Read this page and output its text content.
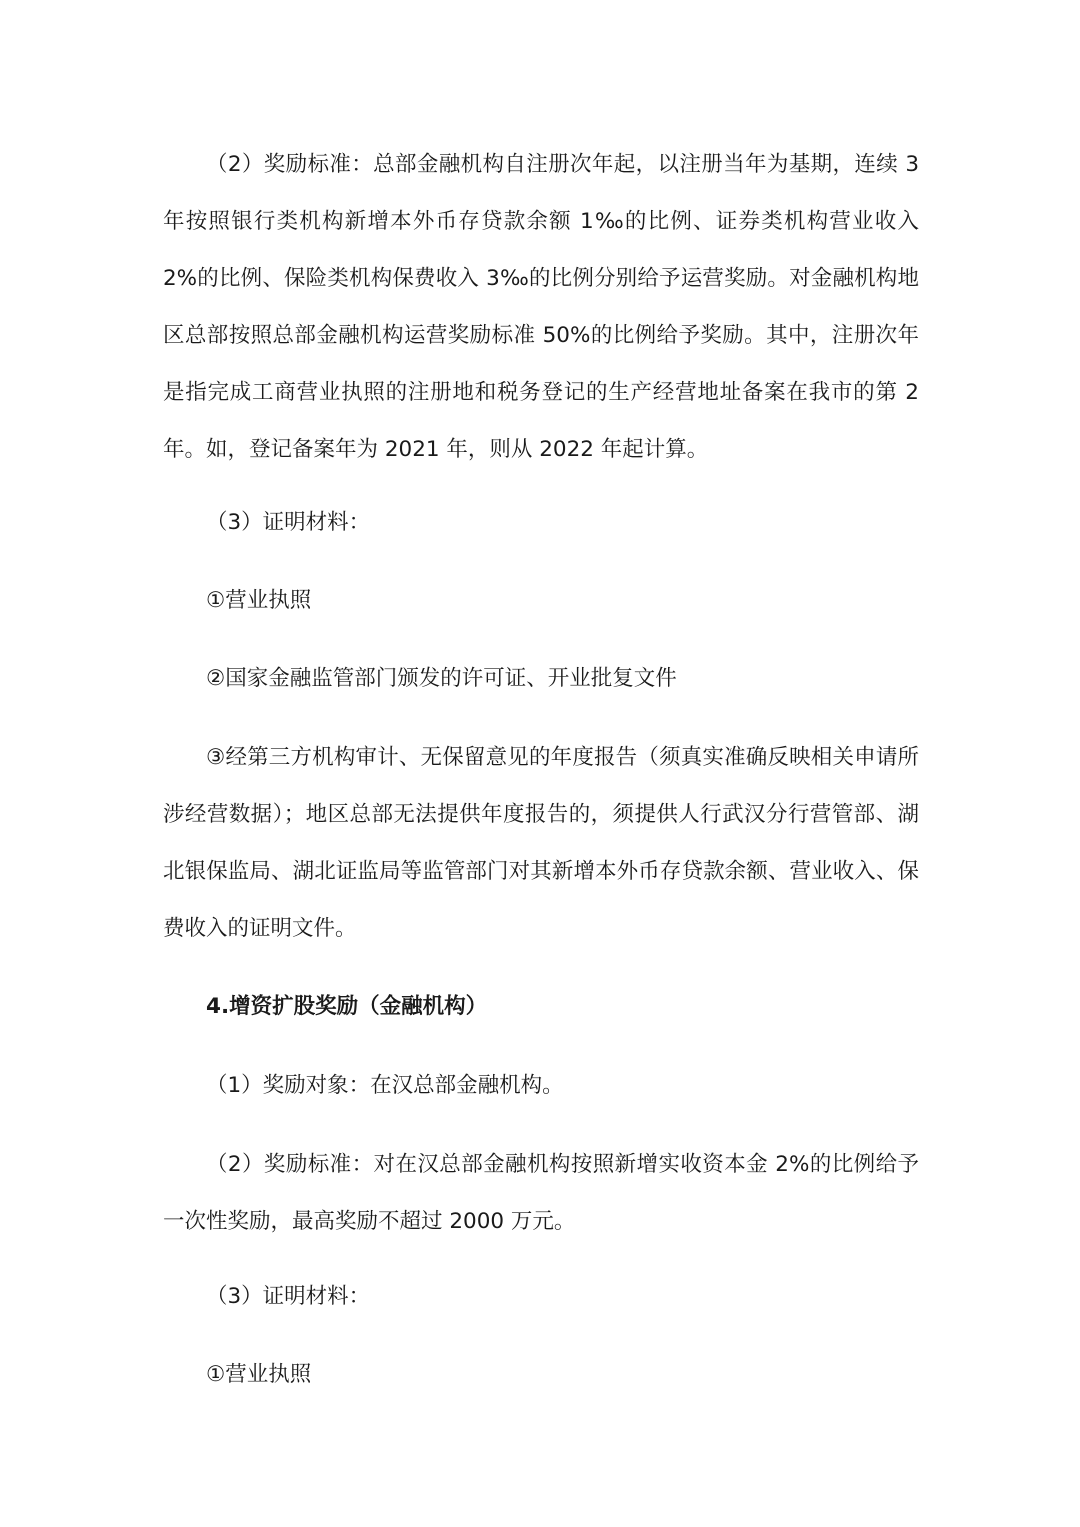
（2）奖励标准：总部金融机构自注册次年起，以注册当年为基期，连续 3 年按照银行类机构新增本外币存贷款余额 1‰的比例、证券类机构营业收入 2%的比例、保险类机构保费收入 3‰的比例分别给予运营奖励。对金融机构地区总部按照总部金融机构运营奖励标准 50%的比例给予奖励。其中，注册次年是指完成工商营业执照的注册地和税务登记的生产经营地址备案在我市的第 2 年。如，登记备案年为 2021 年，则从 2022 年起计算。

（3）证明材料：

①营业执照

②国家金融监管部门颁发的许可证、开业批复文件

③经第三方机构审计、无保留意见的年度报告（须真实准确反映相关申请所涉经营数据）；地区总部无法提供年度报告的，须提供人行武汉分行营管部、湖北银保监局、湖北证监局等监管部门对其新增本外币存贷款余额、营业收入、保费收入的证明文件。

4.增资扩股奖励（金融机构）

（1）奖励对象：在汉总部金融机构。

（2）奖励标准：对在汉总部金融机构按照新增实收资本金 2%的比例给予一次性奖励，最高奖励不超过 2000 万元。

（3）证明材料：

①营业执照
